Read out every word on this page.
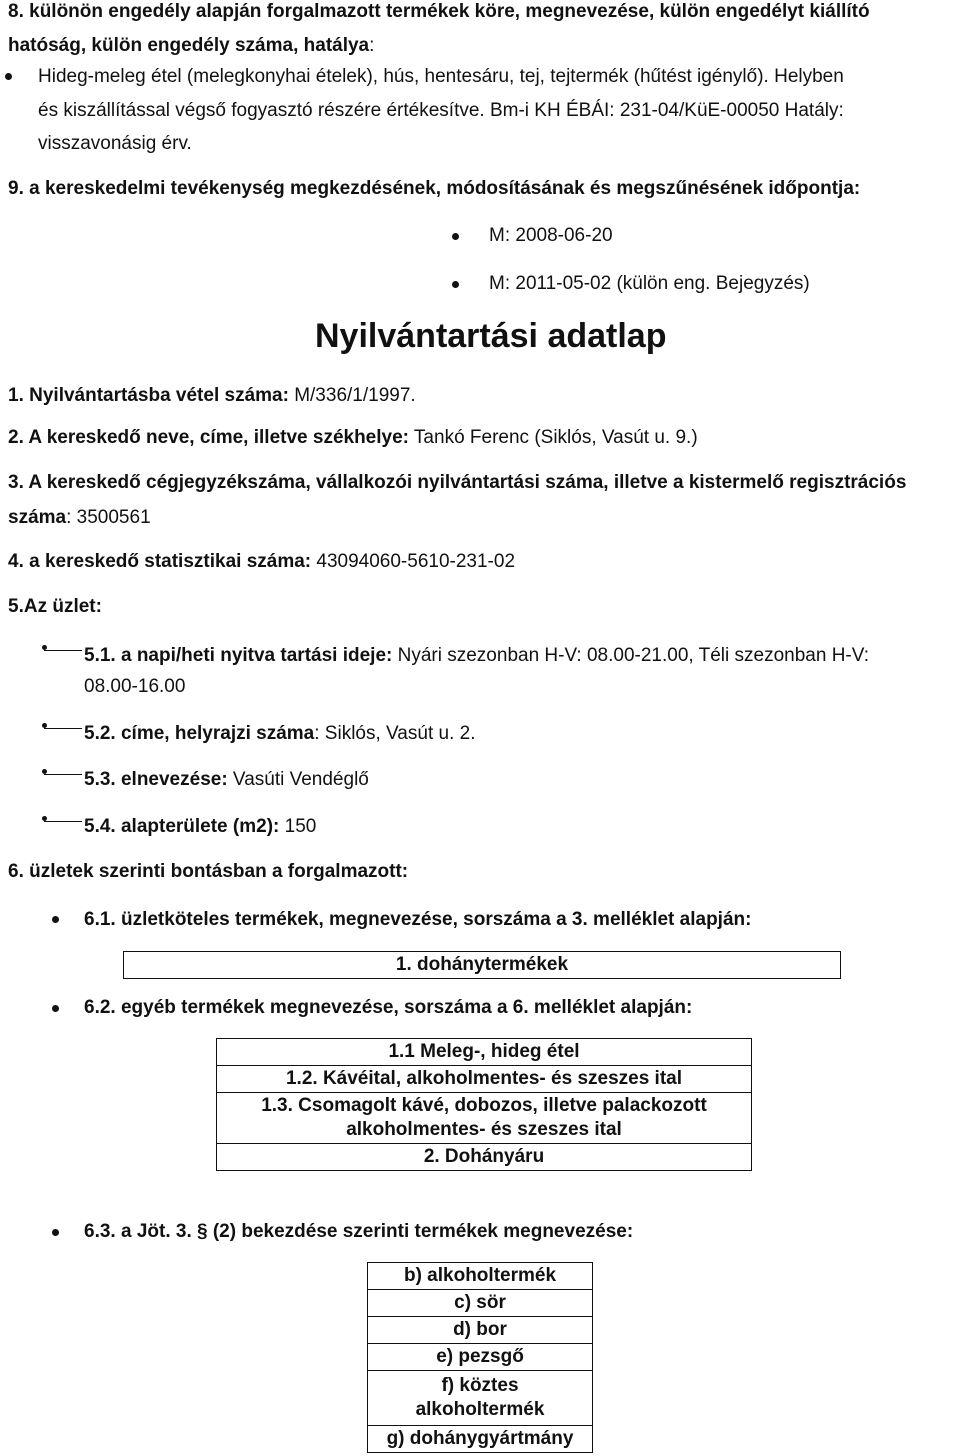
8. különön engedély alapján forgalmazott termékek köre, megnevezése, külön engedélyt kiállító
hatóság, külön engedély száma, hatálya:
Hideg-meleg étel (melegkonyhai ételek), hús, hentesáru, tej, tejtermék (hűtést igénylő). Helyben
és kiszállítással végső fogyasztó részére értékesítve. Bm-i KH ÉBÁI: 231-04/KüE-00050 Hatály:
visszavonásig érv.
9. a kereskedelmi tevékenység megkezdésének, módosításának és megszűnésének időpontja:
M: 2008-06-20
M: 2011-05-02 (külön eng. Bejegyzés)
Nyilvántartási adatlap
1. Nyilvántartásba vétel száma: M/336/1/1997.
2. A kereskedő neve, címe, illetve székhelye: Tankó Ferenc (Siklós, Vasút u. 9.)
3. A kereskedő cégjegyzékszáma, vállalkozói nyilvántartási száma, illetve a kistermelő regisztrációs
száma: 3500561
4. a kereskedő statisztikai száma: 43094060-5610-231-02
5.Az üzlet:
5.1. a napi/heti nyitva tartási ideje: Nyári szezonban H-V: 08.00-21.00, Téli szezonban H-V:
08.00-16.00
5.2. címe, helyrajzi száma: Siklós, Vasút u. 2.
5.3. elnevezése: Vasúti Vendéglő
5.4. alapterülete (m2): 150
6. üzletek szerinti bontásban a forgalmazott:
6.1. üzletköteles termékek, megnevezése, sorszáma a 3. melléklet alapján:
1. dohánytermékek
6.2. egyéb termékek megnevezése, sorszáma a 6. melléklet alapján:
1.1 Meleg-, hideg étel
1.2. Kávéital, alkoholmentes- és szeszes ital
1.3. Csomagolt kávé, dobozos, illetve palackozott alkoholmentes- és szeszes ital
2. Dohányáru
6.3. a Jöt. 3. § (2) bekezdése szerinti termékek megnevezése:
b) alkoholtermék
c) sör
d) bor
e) pezsgő
f) köztes alkoholtermék
g) dohánygyártmány
